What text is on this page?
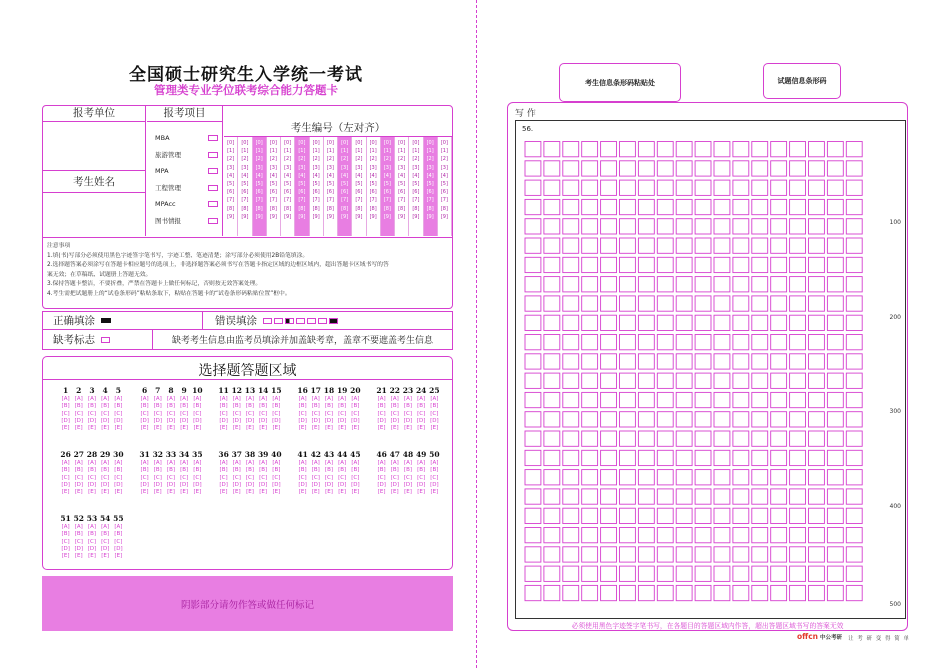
全国硕士研究生入学统一考试
管理类专业学位联考综合能力答题卡
报考单位
考生姓名
报考项目
MBA
旅游管理
MPA
工程管理
MPAcc
图书情报
考生编号（左对齐）
[0]
[1]
[2]
[3]
[4]
[5]
[6]
[7]
[8]
[9]
[0]
[1]
[2]
[3]
[4]
[5]
[6]
[7]
[8]
[9]
[0]
[1]
[2]
[3]
[4]
[5]
[6]
[7]
[8]
[9]
[0]
[1]
[2]
[3]
[4]
[5]
[6]
[7]
[8]
[9]
[0]
[1]
[2]
[3]
[4]
[5]
[6]
[7]
[8]
[9]
[0]
[1]
[2]
[3]
[4]
[5]
[6]
[7]
[8]
[9]
[0]
[1]
[2]
[3]
[4]
[5]
[6]
[7]
[8]
[9]
[0]
[1]
[2]
[3]
[4]
[5]
[6]
[7]
[8]
[9]
[0]
[1]
[2]
[3]
[4]
[5]
[6]
[7]
[8]
[9]
[0]
[1]
[2]
[3]
[4]
[5]
[6]
[7]
[8]
[9]
[0]
[1]
[2]
[3]
[4]
[5]
[6]
[7]
[8]
[9]
[0]
[1]
[2]
[3]
[4]
[5]
[6]
[7]
[8]
[9]
[0]
[1]
[2]
[3]
[4]
[5]
[6]
[7]
[8]
[9]
[0]
[1]
[2]
[3]
[4]
[5]
[6]
[7]
[8]
[9]
[0]
[1]
[2]
[3]
[4]
[5]
[6]
[7]
[8]
[9]
[0]
[1]
[2]
[3]
[4]
[5]
[6]
[7]
[8]
[9]
注意事项
1.填(书)写部分必须使用黑色字迹签字笔书写，字迹工整、笔迹清楚；涂写部分必须使用2B铅笔填涂。
2.选择题答案必须涂写在答题卡相应题号的选项上，非选择题答案必须书写在答题卡指定区域的边框区域内，超出答题卡区域书写的答
案无效；在草稿纸、试题册上答题无效。
3.保持答题卡整洁，不要折叠，严禁在答题卡上做任何标记，否则按无效答案处理。
4.考生需把试题册上的“试卷条形码”粘贴条取下，粘贴在答题卡的“试卷条形码粘贴位置”框中。
正确填涂	错误填涂
缺考标志	缺考考生信息由监考员填涂并加盖缺考章，盖章不要遮盖考生信息
选择题答题区域
1
[A]
[B]
[C]
[D]
[E]
2
[A]
[B]
[C]
[D]
[E]
3
[A]
[B]
[C]
[D]
[E]
4
[A]
[B]
[C]
[D]
[E]
5
[A]
[B]
[C]
[D]
[E]
6
[A]
[B]
[C]
[D]
[E]
7
[A]
[B]
[C]
[D]
[E]
8
[A]
[B]
[C]
[D]
[E]
9
[A]
[B]
[C]
[D]
[E]
10
[A]
[B]
[C]
[D]
[E]
11
[A]
[B]
[C]
[D]
[E]
12
[A]
[B]
[C]
[D]
[E]
13
[A]
[B]
[C]
[D]
[E]
14
[A]
[B]
[C]
[D]
[E]
15
[A]
[B]
[C]
[D]
[E]
16
[A]
[B]
[C]
[D]
[E]
17
[A]
[B]
[C]
[D]
[E]
18
[A]
[B]
[C]
[D]
[E]
19
[A]
[B]
[C]
[D]
[E]
20
[A]
[B]
[C]
[D]
[E]
21
[A]
[B]
[C]
[D]
[E]
22
[A]
[B]
[C]
[D]
[E]
23
[A]
[B]
[C]
[D]
[E]
24
[A]
[B]
[C]
[D]
[E]
25
[A]
[B]
[C]
[D]
[E]
26
[A]
[B]
[C]
[D]
[E]
27
[A]
[B]
[C]
[D]
[E]
28
[A]
[B]
[C]
[D]
[E]
29
[A]
[B]
[C]
[D]
[E]
30
[A]
[B]
[C]
[D]
[E]
31
[A]
[B]
[C]
[D]
[E]
32
[A]
[B]
[C]
[D]
[E]
33
[A]
[B]
[C]
[D]
[E]
34
[A]
[B]
[C]
[D]
[E]
35
[A]
[B]
[C]
[D]
[E]
36
[A]
[B]
[C]
[D]
[E]
37
[A]
[B]
[C]
[D]
[E]
38
[A]
[B]
[C]
[D]
[E]
39
[A]
[B]
[C]
[D]
[E]
40
[A]
[B]
[C]
[D]
[E]
41
[A]
[B]
[C]
[D]
[E]
42
[A]
[B]
[C]
[D]
[E]
43
[A]
[B]
[C]
[D]
[E]
44
[A]
[B]
[C]
[D]
[E]
45
[A]
[B]
[C]
[D]
[E]
46
[A]
[B]
[C]
[D]
[E]
47
[A]
[B]
[C]
[D]
[E]
48
[A]
[B]
[C]
[D]
[E]
49
[A]
[B]
[C]
[D]
[E]
50
[A]
[B]
[C]
[D]
[E]
51
[A]
[B]
[C]
[D]
[E]
52
[A]
[B]
[C]
[D]
[E]
53
[A]
[B]
[C]
[D]
[E]
54
[A]
[B]
[C]
[D]
[E]
55
[A]
[B]
[C]
[D]
[E]
阴影部分请勿作答或做任何标记
考生信息条形码粘贴处	试题信息条形码
写 作
56.
100
200
300
400
500
必须使用黑色字迹签字笔书写，在各题目的答题区域内作答，超出答题区域书写的答案无效
offcn 中公考研 让 考 研 变 得 简 单
